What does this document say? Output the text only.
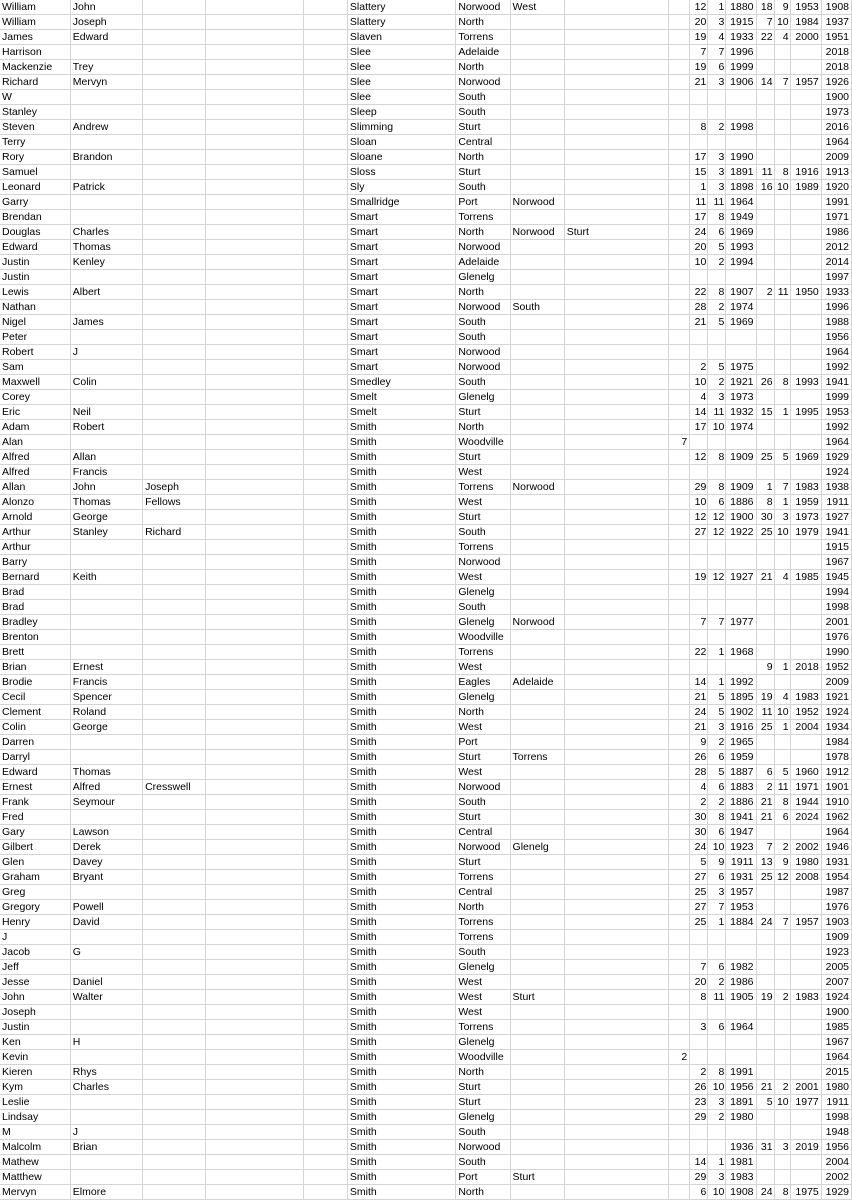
William	John				Slattery	Norwood	West			12	1	1880	18	9	1953	1908
William	Joseph				Slattery	North				20	3	1915	7	10	1984	1937
James	Edward				Slaven	Torrens				19	4	1933	22	4	2000	1951
Harrison					Slee	Adelaide				7	7	1996				2018
Mackenzie	Trey				Slee	North				19	6	1999				2018
Richard	Mervyn				Slee	Norwood				21	3	1906	14	7	1957	1926
W					Slee	South										1900
Stanley					Sleep	South										1973
Steven	Andrew				Slimming	Sturt				8	2	1998				2016
Terry					Sloan	Central										1964
Rory	Brandon				Sloane	North				17	3	1990				2009
Samuel					Sloss	Sturt				15	3	1891	11	8	1916	1913
Leonard	Patrick				Sly	South				1	3	1898	16	10	1989	1920
Garry					Smallridge	Port	Norwood			11	11	1964				1991
Brendan					Smart	Torrens				17	8	1949				1971
Douglas	Charles				Smart	North	Norwood	Sturt		24	6	1969				1986
Edward	Thomas				Smart	Norwood				20	5	1993				2012
Justin	Kenley				Smart	Adelaide				10	2	1994				2014
Justin					Smart	Glenelg										1997
Lewis	Albert				Smart	North				22	8	1907	2	11	1950	1933
Nathan					Smart	Norwood	South			28	2	1974				1996
Nigel	James				Smart	South				21	5	1969				1988
Peter					Smart	South										1956
Robert	J				Smart	Norwood										1964
Sam					Smart	Norwood				2	5	1975				1992
Maxwell	Colin				Smedley	South				10	2	1921	26	8	1993	1941
Corey					Smelt	Glenelg				4	3	1973				1999
Eric	Neil				Smelt	Sturt				14	11	1932	15	1	1995	1953
Adam	Robert				Smith	North				17	10	1974				1992
Alan					Smith	Woodville			7							1964
Alfred	Allan				Smith	Sturt				12	8	1909	25	5	1969	1929
Alfred	Francis				Smith	West										1924
Allan	John	Joseph			Smith	Torrens	Norwood			29	8	1909	1	7	1983	1938
Alonzo	Thomas	Fellows			Smith	West				10	6	1886	8	1	1959	1911
Arnold	George				Smith	Sturt				12	12	1900	30	3	1973	1927
Arthur	Stanley	Richard			Smith	South				27	12	1922	25	10	1979	1941
Arthur					Smith	Torrens										1915
Barry					Smith	Norwood										1967
Bernard	Keith				Smith	West				19	12	1927	21	4	1985	1945
Brad					Smith	Glenelg										1994
Brad					Smith	South										1998
Bradley					Smith	Glenelg	Norwood			7	7	1977				2001
Brenton					Smith	Woodville										1976
Brett					Smith	Torrens				22	1	1968				1990
Brian	Ernest				Smith	West							9	1	2018	1952
Brodie	Francis				Smith	Eagles	Adelaide			14	1	1992				2009
Cecil	Spencer				Smith	Glenelg				21	5	1895	19	4	1983	1921
Clement	Roland				Smith	North				24	5	1902	11	10	1952	1924
Colin	George				Smith	West				21	3	1916	25	1	2004	1934
Darren					Smith	Port				9	2	1965				1984
Darryl					Smith	Sturt	Torrens			26	6	1959				1978
Edward	Thomas				Smith	West				28	5	1887	6	5	1960	1912
Ernest	Alfred	Cresswell			Smith	Norwood				4	6	1883	2	11	1971	1901
Frank	Seymour				Smith	South				2	2	1886	21	8	1944	1910
Fred					Smith	Sturt				30	8	1941	21	6	2024	1962
Gary	Lawson				Smith	Central				30	6	1947				1964
Gilbert	Derek				Smith	Norwood	Glenelg			24	10	1923	7	2	2002	1946
Glen	Davey				Smith	Sturt				5	9	1911	13	9	1980	1931
Graham	Bryant				Smith	Torrens				27	6	1931	25	12	2008	1954
Greg					Smith	Central				25	3	1957				1987
Gregory	Powell				Smith	North				27	7	1953				1976
Henry	David				Smith	Torrens				25	1	1884	24	7	1957	1903
J					Smith	Torrens										1909
Jacob	G				Smith	South										1923
Jeff					Smith	Glenelg				7	6	1982				2005
Jesse	Daniel				Smith	West				20	2	1986				2007
John	Walter				Smith	West	Sturt			8	11	1905	19	2	1983	1924
Joseph					Smith	West										1900
Justin					Smith	Torrens				3	6	1964				1985
Ken	H				Smith	Glenelg										1967
Kevin					Smith	Woodville			2							1964
Kieren	Rhys				Smith	North				2	8	1991				2015
Kym	Charles				Smith	Sturt				26	10	1956	21	2	2001	1980
Leslie					Smith	Sturt				23	3	1891	5	10	1977	1911
Lindsay					Smith	Glenelg				29	2	1980				1998
M	J				Smith	South										1948
Malcolm	Brian				Smith	Norwood						1936	31	3	2019	1956
Mathew					Smith	South				14	1	1981				2004
Matthew					Smith	Port	Sturt			29	3	1983				2002
Mervyn	Elmore				Smith	North				6	10	1908	24	8	1975	1929
